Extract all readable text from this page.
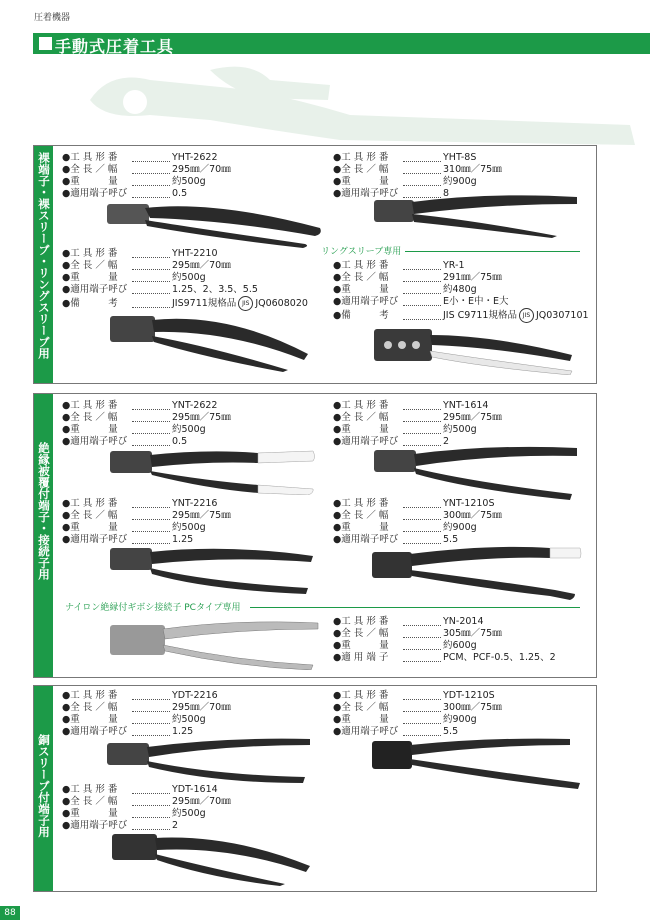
圧着機器
手動式圧着工具
裸端子・裸スリーブ・リングスリーブ用 ●工 具 形 番	YHT-2622
●全 長 ／ 幅	295㎜／70㎜
●重　　　量	約500g
●適用端子呼び	0.5
●工 具 形 番	YHT-8S
●全 長 ／ 幅	310㎜／75㎜
●重　　　量	約900g
●適用端子呼び	8
●工 具 形 番	YHT-2210
●全 長 ／ 幅	295㎜／70㎜
●重　　　量	約500g
●適用端子呼び	1.25、2、3.5、5.5
●備　　　考	JIS9711規格品 JIS JQ0608020
リングスリーブ専用
●工 具 形 番	YR-1
●全 長 ／ 幅	291㎜／75㎜
●重　　　量	約480g
●適用端子呼び	E小・E中・E大
●備　　　考	JIS C9711規格品 JIS JQ0307101
絶縁被覆付端子・接続子用
●工 具 形 番	YNT-2622
●全 長 ／ 幅	295㎜／75㎜
●重　　　量	約500g
●適用端子呼び	0.5
●工 具 形 番	YNT-1614
●全 長 ／ 幅	295㎜／75㎜
●重　　　量	約500g
●適用端子呼び	2
●工 具 形 番	YNT-2216
●全 長 ／ 幅	295㎜／75㎜
●重　　　量	約500g
●適用端子呼び	1.25
●工 具 形 番	YNT-1210S
●全 長 ／ 幅	300㎜／75㎜
●重　　　量	約900g
●適用端子呼び	5.5
ナイロン絶縁付ギボシ接続子 PCタイプ専用
●工 具 形 番	YN-2014
●全 長 ／ 幅	305㎜／75㎜
●重　　　量	約600g
●適 用 端 子	PCM、PCF-0.5、1.25、2
銅スリーブ付端子用
●工 具 形 番	YDT-2216
●全 長 ／ 幅	295㎜／70㎜
●重　　　量	約500g
●適用端子呼び	1.25
●工 具 形 番	YDT-1210S
●全 長 ／ 幅	300㎜／75㎜
●重　　　量	約900g
●適用端子呼び	5.5
●工 具 形 番	YDT-1614
●全 長 ／ 幅	295㎜／70㎜
●重　　　量	約500g
●適用端子呼び	2
88
